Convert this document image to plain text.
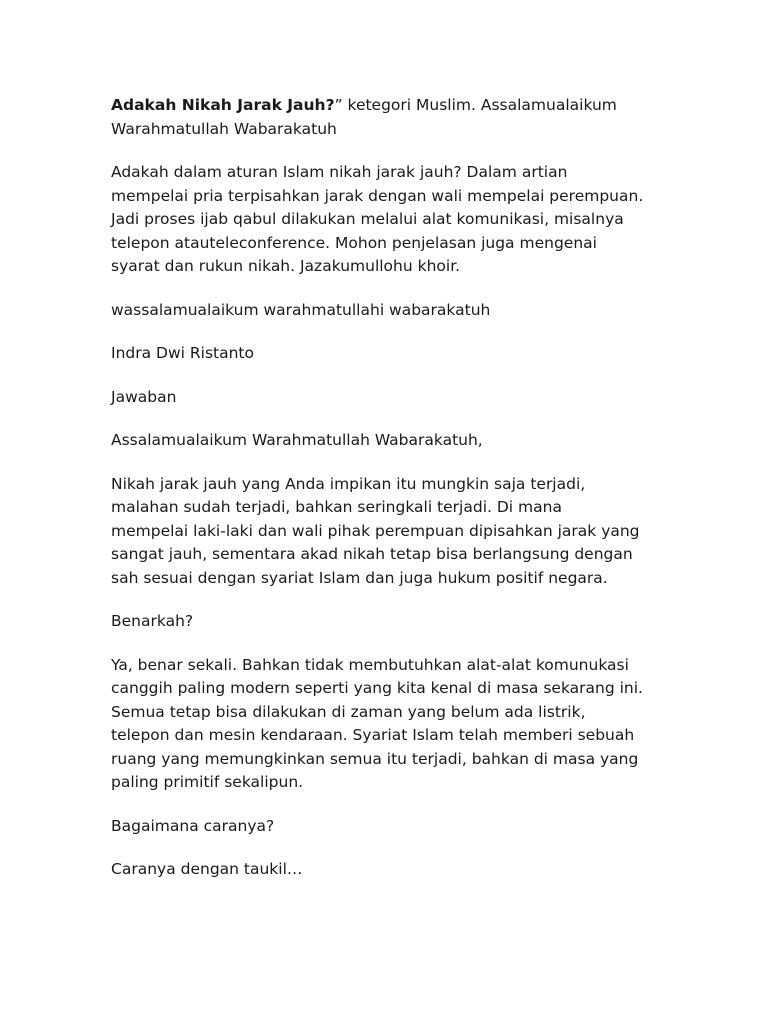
Adakah Nikah Jarak Jauh?” ketegori Muslim. Assalamualaikum
Warahmatullah Wabarakatuh

Adakah dalam aturan Islam nikah jarak jauh? Dalam artian
mempelai pria terpisahkan jarak dengan wali mempelai perempuan.
Jadi proses ijab qabul dilakukan melalui alat komunikasi, misalnya
telepon atauteleconference. Mohon penjelasan juga mengenai
syarat dan rukun nikah. Jazakumullohu khoir.

wassalamualaikum warahmatullahi wabarakatuh

Indra Dwi Ristanto

Jawaban

Assalamualaikum Warahmatullah Wabarakatuh,

Nikah jarak jauh yang Anda impikan itu mungkin saja terjadi,
malahan sudah terjadi, bahkan seringkali terjadi. Di mana
mempelai laki-laki dan wali pihak perempuan dipisahkan jarak yang
sangat jauh, sementara akad nikah tetap bisa berlangsung dengan
sah sesuai dengan syariat Islam dan juga hukum positif negara.

Benarkah?

Ya, benar sekali. Bahkan tidak membutuhkan alat-alat komunukasi
canggih paling modern seperti yang kita kenal di masa sekarang ini.
Semua tetap bisa dilakukan di zaman yang belum ada listrik,
telepon dan mesin kendaraan. Syariat Islam telah memberi sebuah
ruang yang memungkinkan semua itu terjadi, bahkan di masa yang
paling primitif sekalipun.

Bagaimana caranya?

Caranya dengan taukil…
